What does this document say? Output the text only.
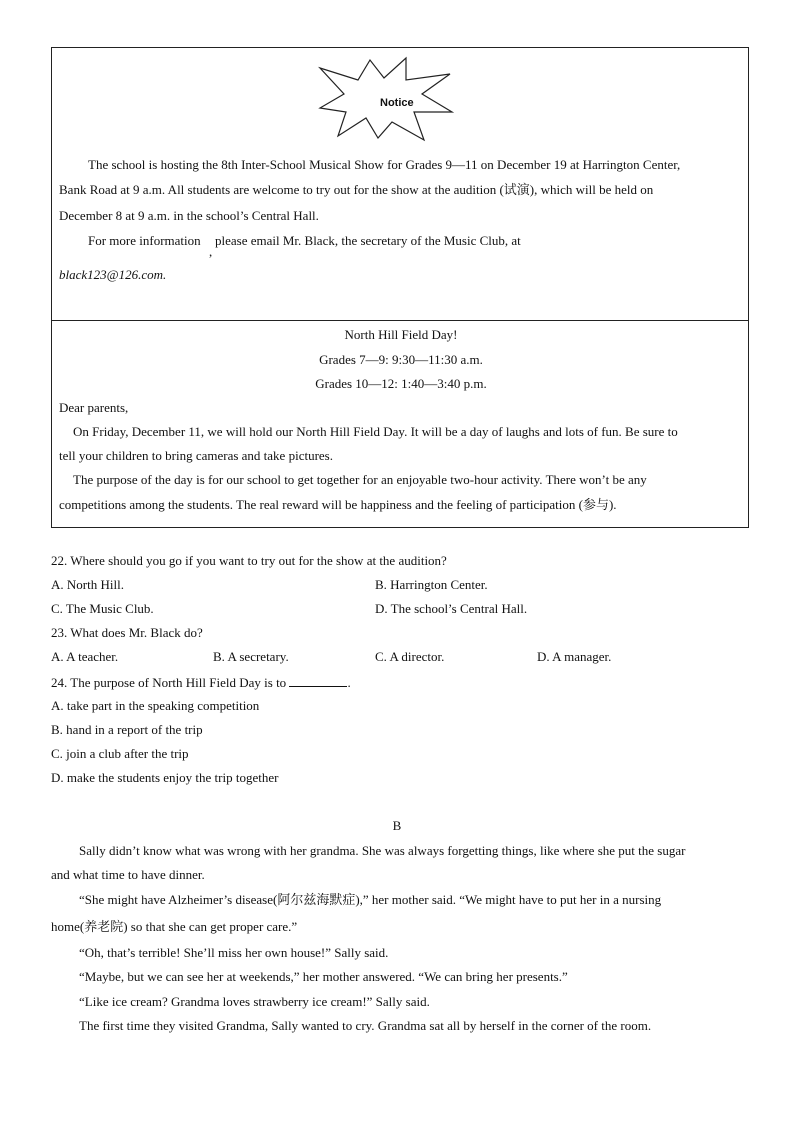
Notice
The school is hosting the 8th Inter-School Musical Show for Grades 9—11 on December 19 at Harrington Center,
Bank Road at 9 a.m. All students are welcome to try out for the show at the audition (试演), which will be held on
December 8 at 9 a.m. in the school’s Central Hall.
For more information
,
please email Mr. Black, the secretary of the Music Club, at
black123@126.com.
North Hill Field Day!
Grades 7—9: 9:30—11:30 a.m.
Grades 10—12: 1:40—3:40 p.m.
Dear parents,
On Friday, December 11, we will hold our North Hill Field Day. It will be a day of laughs and lots of fun. Be sure to
tell your children to bring cameras and take pictures.
The purpose of the day is for our school to get together for an enjoyable two-hour activity. There won’t be any
competitions among the students. The real reward will be happiness and the feeling of participation (参与).
22. Where should you go if you want to try out for the show at the audition?
A. North Hill.	B. Harrington Center.
C. The Music Club.	D. The school’s Central Hall.
23. What does Mr. Black do?
A. A teacher.	B. A secretary.	C. A director.	D. A manager.
24. The purpose of North Hill Field Day is to	.
A. take part in the speaking competition
B. hand in a report of the trip
C. join a club after the trip
D. make the students enjoy the trip together
B
Sally didn’t know what was wrong with her grandma. She was always forgetting things, like where she put the sugar
and what time to have dinner.
“She might have Alzheimer’s disease(阿尔兹海默症),” her mother said. “We might have to put her in a nursing
home(养老院) so that she can get proper care.”
“Oh, that’s terrible! She’ll miss her own house!” Sally said.
“Maybe, but we can see her at weekends,” her mother answered. “We can bring her presents.”
“Like ice cream? Grandma loves strawberry ice cream!” Sally said.
The first time they visited Grandma, Sally wanted to cry. Grandma sat all by herself in the corner of the room.
